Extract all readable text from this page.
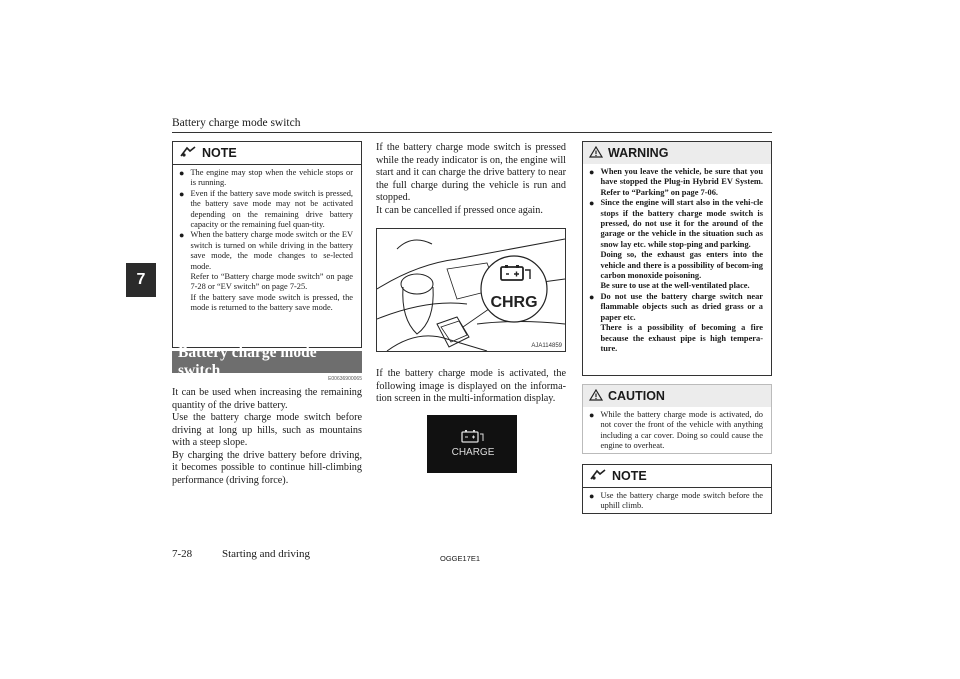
Battery charge mode switch
7
NOTE
● The engine may stop when the vehicle stops or is running.
● Even if the battery save mode switch is pressed, the battery save mode may not be activated depending on the remaining drive battery capacity or the remaining fuel quan-tity.
● When the battery charge mode switch or the EV switch is turned on while driving in the battery save mode, the mode changes to se-lected mode.
Refer to “Battery charge mode switch” on page 7-28 or “EV switch” on page 7-25.
If the battery save mode switch is pressed, the mode is returned to the battery save mode.
Battery charge mode switch	E00636900065

It can be used when increasing the remaining quantity of the drive battery.

Use the battery charge mode switch before driving at long up hills, such as mountains with a steep slope.

By charging the drive battery before driving, it becomes possible to continue hill-climbing performance (driving force).

If the battery charge mode switch is pressed while the ready indicator is on, the engine will start and it can charge the drive battery to near the full charge during the vehicle is run and stopped.

It can be cancelled if pressed once again.

CHRG
AJA114859

If the battery charge mode is activated, the following image is displayed on the informa-tion screen in the multi-information display.

CHARGE
WARNING
● When you leave the vehicle, be sure that you have stopped the Plug-in Hybrid EV System. Refer to “Parking” on page 7-06.
● Since the engine will start also in the vehi-cle stops if the battery charge mode switch is pressed, do not use it for the around of the garage or the vehicle in the situation such as snow lay etc. while stop-ping and parking.
Doing so, the exhaust gas enters into the vehicle and there is a possibility of becom-ing carbon monoxide poisoning.
Be sure to use at the well-ventilated place.
● Do not use the battery charge switch near flammable objects such as dried grass or a paper etc.
There is a possibility of becoming a fire because the exhaust pipe is high tempera-ture.
CAUTION
● While the battery charge mode is activated, do not cover the front of the vehicle with anything including a car cover. Doing so could cause the engine to overheat.
NOTE
● Use the battery charge mode switch before the uphill climb.
7-28	Starting and driving	OGGE17E1
